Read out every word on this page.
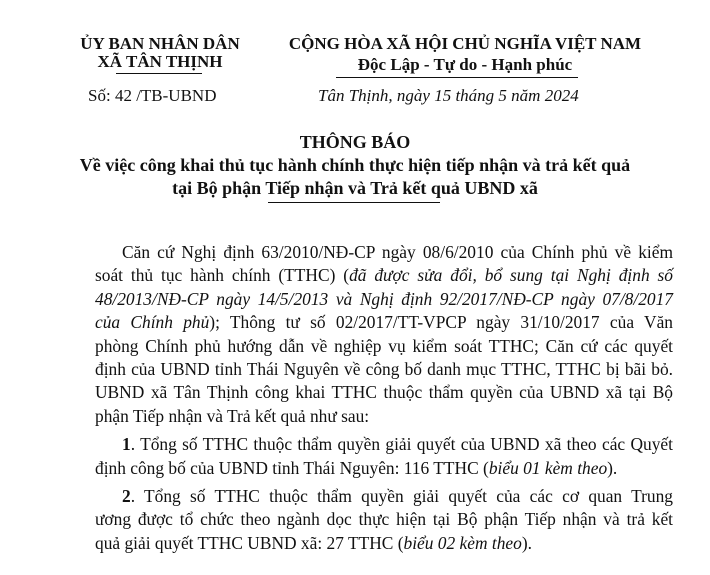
ỦY BAN NHÂN DÂN
XÃ TÂN THỊNH
Số: 42 /TB-UBND
CỘNG HÒA XÃ HỘI CHỦ NGHĨA VIỆT NAM
Độc Lập - Tự do - Hạnh phúc
Tân Thịnh, ngày 15 tháng 5 năm 2024
THÔNG BÁO
Về việc công khai thủ tục hành chính thực hiện tiếp nhận và trả kết quả
tại Bộ phận Tiếp nhận và Trả kết quả UBND xã

Căn cứ Nghị định 63/2010/NĐ-CP ngày 08/6/2010 của Chính phủ về kiểm

soát thủ tục hành chính (TTHC) (đã được sửa đổi, bổ sung tại Nghị định số

48/2013/NĐ-CP ngày 14/5/2013 và Nghị định 92/2017/NĐ-CP ngày 07/8/2017

của Chính phủ); Thông tư số 02/2017/TT-VPCP ngày 31/10/2017 của Văn

phòng Chính phủ hướng dẫn về nghiệp vụ kiểm soát TTHC; Căn cứ các quyết

định của UBND tỉnh Thái Nguyên về công bố danh mục TTHC, TTHC bị bãi bỏ.

UBND xã Tân Thịnh công khai TTHC thuộc thẩm quyền của UBND xã tại Bộ

phận Tiếp nhận và Trả kết quả như sau:

1. Tổng số TTHC thuộc thẩm quyền giải quyết của UBND xã theo các Quyết

định công bố của UBND tỉnh Thái Nguyên: 116 TTHC (biểu 01 kèm theo).

2. Tổng số TTHC thuộc thẩm quyền giải quyết của các cơ quan Trung

ương được tổ chức theo ngành dọc thực hiện tại Bộ phận Tiếp nhận và trả kết

quả giải quyết TTHC UBND xã: 27 TTHC (biểu 02 kèm theo).
